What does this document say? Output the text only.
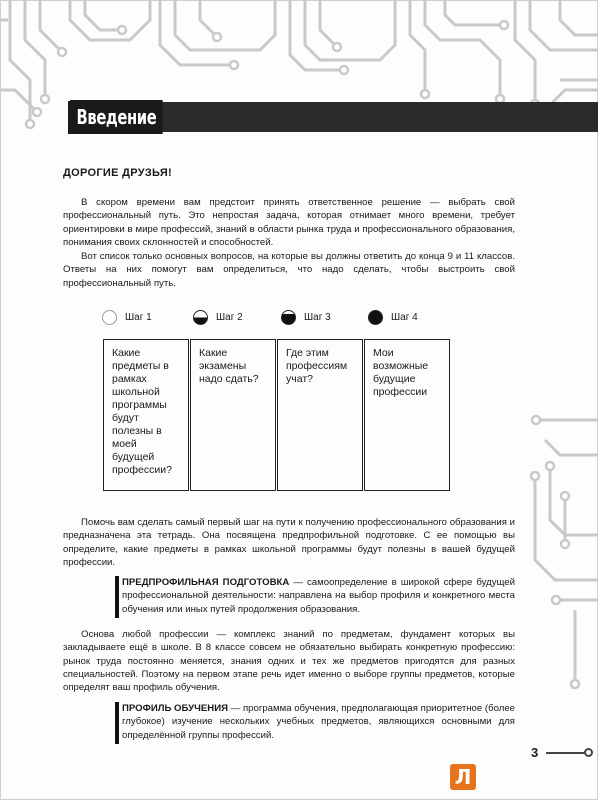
Введение
ДОРОГИЕ ДРУЗЬЯ!

В скором времени вам предстоит принять ответственное решение — выбрать свой профессиональный путь. Это непростая задача, которая отнимает много времени, требует ориентировки в мире профессий, знаний в области рынка труда и профессионального образования, понимания своих склонностей и способностей.

Вот список только основных вопросов, на которые вы должны ответить до конца 9 и 11 классов. Ответы на них помогут вам определиться, что надо сделать, чтобы выстроить свой профессиональный путь.

Шаг 1	Шаг 2	Шаг 3	Шаг 4
Какие предметы в рамках школьной программы будут полезны в моей будущей профессии?
Какие экзамены надо сдать?
Где этим профессиям учат?
Мои возможные будущие профессии

Помочь вам сделать самый первый шаг на пути к получению профессионального образования и предназначена эта тетрадь. Она посвящена предпрофильной подготовке. С ее помощью вы определите, какие предметы в рамках школьной программы будут полезны в вашей будущей профессии.

ПРЕДПРОФИЛЬНАЯ ПОДГОТОВКА — самоопределение в широкой сфере будущей профессиональной деятельности: направлена на выбор профиля и конкретного места обучения или иных путей продолжения образования.

Основа любой профессии — комплекс знаний по предметам, фундамент которых вы закладываете ещё в школе. В 8 классе совсем не обязательно выбирать конкретную профессию: рынок труда постоянно меняется, знания одних и тех же предметов пригодятся для разных специальностей. Поэтому на первом этапе речь идет именно о выборе группы предметов, которые определят ваш профиль обучения.

ПРОФИЛЬ ОБУЧЕНИЯ — программа обучения, предполагающая приоритетное (более глубокое) изучение нескольких учебных предметов, являющихся основными для определённой группы профессий.
3
Л
